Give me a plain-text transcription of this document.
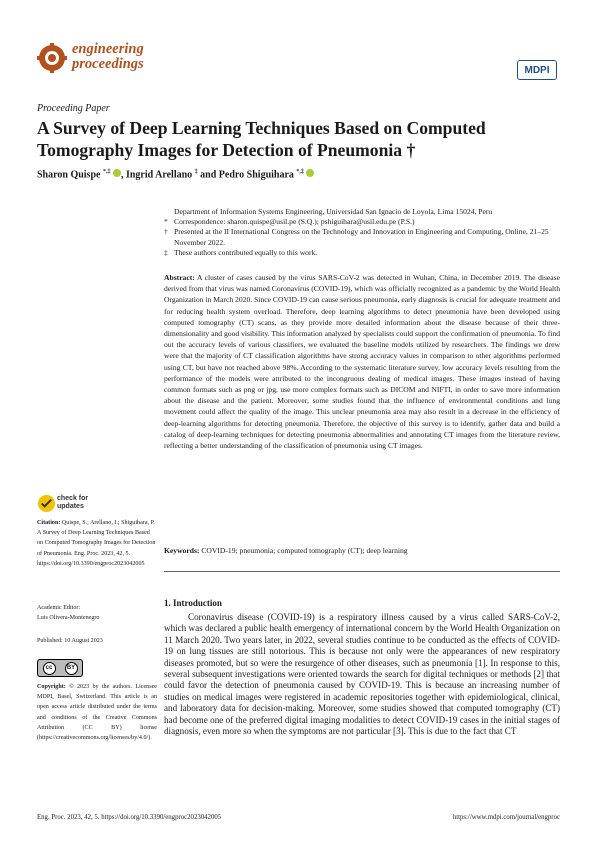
engineering
proceedings	MDPI
Proceeding Paper
A Survey of Deep Learning Techniques Based on Computed Tomography Images for Detection of Pneumonia †
Sharon Quispe *,‡ , Ingrid Arellano ‡ and Pedro Shiguihara *,‡
Department of Information Systems Engineering, Universidad San Ignacio de Loyola, Lima 15024, Peru
* Correspondence: sharon.quispe@usil.pe (S.Q.); pshiguihara@usil.edu.pe (P.S.)
† Presented at the II International Congress on the Technology and Innovation in Engineering and Computing, Online, 21–25 November 2022.
‡ These authors contributed equally to this work.
Abstract: A cluster of cases caused by the virus SARS-CoV-2 was detected in Wuhan, China, in December 2019. The disease derived from that virus was named Coronavirus (COVID-19), which was officially recognized as a pandemic by the World Health Organization in March 2020. Since COVID-19 can cause serious pneumonia, early diagnosis is crucial for adequate treatment and for reducing health system overload. Therefore, deep learning algorithms to detect pneumonia have been developed using computed tomography (CT) scans, as they provide more detailed information about the disease because of their three-dimensionality and good visibility. This information analyzed by specialists could support the confirmation of pneumonia. To find out the accuracy levels of various classifiers, we evaluated the baseline models utilized by researchers. The findings we drew were that the majority of CT classification algorithms have strong accuracy values in comparison to other algorithms performed using CT, but have not reached above 98%. According to the systematic literature survey, low accuracy levels resulting from the performance of the models were attributed to the incongruous dealing of medical images. These images instead of having common formats such as png or jpg, use more complex formats such as DICOM and NIFTI, in order to save more information about the disease and the patient. Moreover, some studies found that the influence of environmental conditions and lung movement could affect the quality of the image. This unclear pneumonia area may also result in a decrease in the efficiency of deep-learning algorithms for detecting pneumonia. Therefore, the objective of this survey is to identify, gather data and build a catalog of deep-learning techniques for detecting pneumonia abnormalities and annotating CT images from the literature review, reflecting a better understanding of the classification of pneumonia using CT images.
Keywords: COVID-19; pneumonia; computed tomography (CT); deep learning
1. Introduction
Coronavirus disease (COVID-19) is a respiratory illness caused by a virus called SARS-CoV-2, which was declared a public health emergency of international concern by the World Health Organization on 11 March 2020. Two years later, in 2022, several studies continue to be conducted as the effects of COVID-19 on lung tissues are still notorious. This is because not only were the appearances of new respiratory diseases promoted, but so were the resurgence of other diseases, such as pneumonia [1]. In response to this, several subsequent investigations were oriented towards the search for digital techniques or methods [2] that could favor the detection of pneumonia caused by COVID-19. This is because an increasing number of studies on medical images were registered in academic repositories together with epidemiological, clinical, and laboratory data for decision-making. Moreover, some studies showed that computed tomography (CT) had become one of the preferred digital imaging modalities to detect COVID-19 cases in the initial stages of diagnosis, even more so when the symptoms are not particular [3]. This is due to the fact that CT
check for
updates
Citation: Quispe, S.; Arellano, I.; Shiguihara, P. A Survey of Deep Learning Techniques Based on Computed Tomography Images for Detection of Pneumonia. Eng. Proc. 2023, 42, 5. https://doi.org/10.3390/engproc2023042005
Academic Editor:
Luis Olivera-Montenegro
Published: 10 August 2023
cc	BY
Copyright: © 2023 by the authors. Licensee MDPI, Basel, Switzerland. This article is an open access article distributed under the terms and conditions of the Creative Commons Attribution (CC BY) license (https://creativecommons.org/licenses/by/4.0/).
Eng. Proc. 2023, 42, 5. https://doi.org/10.3390/engproc2023042005	https://www.mdpi.com/journal/engproc
